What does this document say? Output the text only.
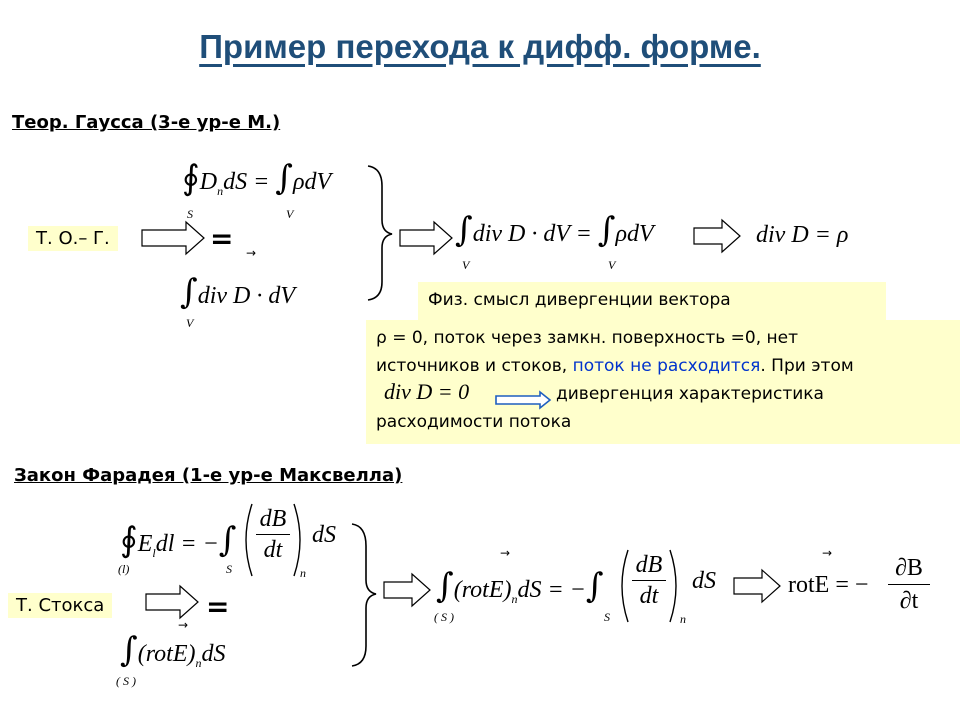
Пример перехода к дифф. форме.
Теор. Гаусса (3-е ур-е М.)
$∮D_ndS = \int\rho dV$
S	V
Т. О.– Г.	= →
∫div D · dV
V
∫div D · dV = ∫ρdV
V	V
div D = ρ
Физ. смысл дивергенции вектора
ρ = 0, поток через замкн. поверхность =0, нет
источников и стоков, поток не расходится. При этом
div D = 0	дивергенция характеристика
расходимости потока
Закон Фарадея (1-е ур-е Максвелла)
$∮E_ldl$ = −∫ $\frac{dB}{dt}$
n
dS
(l)	S
Т. Стокса	=
→
$\int(rotE)_ndS$
( S )
→
$\int(rotE)_ndS$ = −∫ $\frac{dB}{dt}$
n
dS
( S )	S
→
rotE = − $\frac{\partial B}{\partial t}$
